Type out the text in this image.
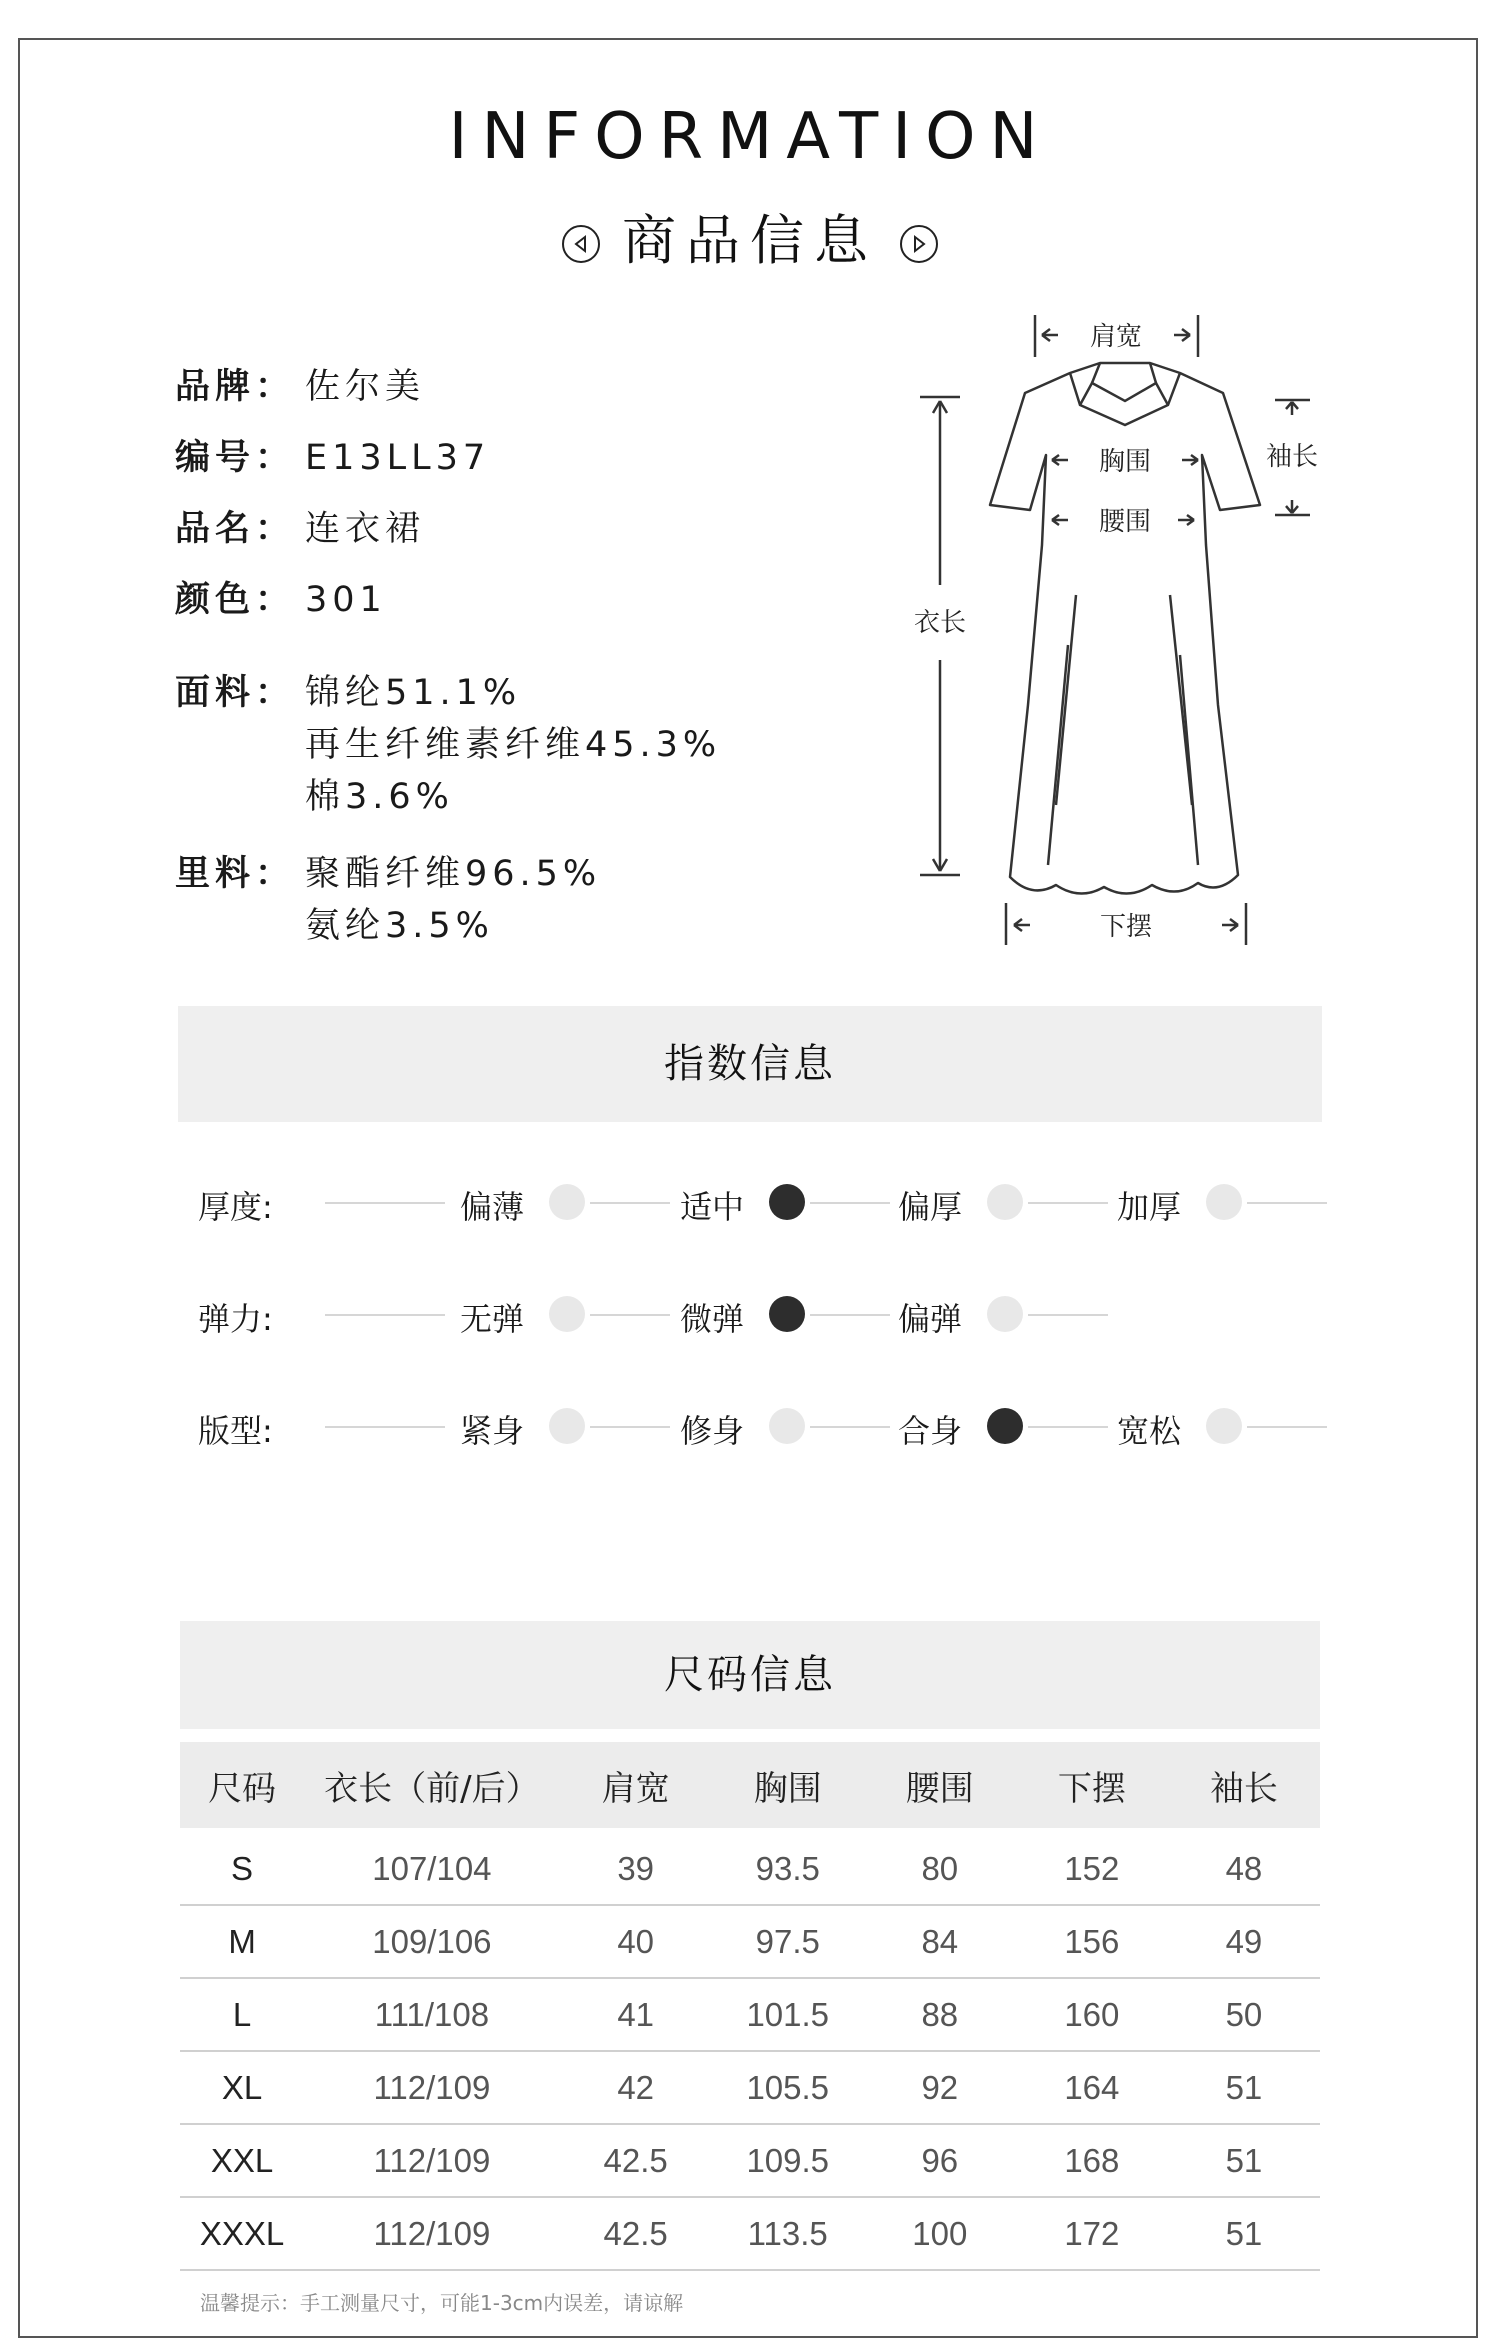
INFORMATION
商品信息
品牌： 佐尔美
编号： E13LL37
品名： 连衣裙
颜色： 301
面料： 锦纶51.1%
再生纤维素纤维45.3%
棉3.6%
里料： 聚酯纤维96.5%
氨纶3.5%
肩宽
胸围
腰围
衣长
袖长
下摆
指数信息
厚度:	偏薄	适中	偏厚	加厚
弹力:	无弹	微弹	偏弹
版型:	紧身	修身	合身	宽松
尺码信息
尺码	衣长（前/后）	肩宽	胸围	腰围	下摆	袖长
S	107/104	39	93.5	80	152	48
M	109/106	40	97.5	84	156	49
L	111/108	41	101.5	88	160	50
XL	112/109	42	105.5	92	164	51
XXL	112/109	42.5	109.5	96	168	51
XXXL	112/109	42.5	113.5	100	172	51
温馨提示：手工测量尺寸，可能1-3cm内误差，请谅解
